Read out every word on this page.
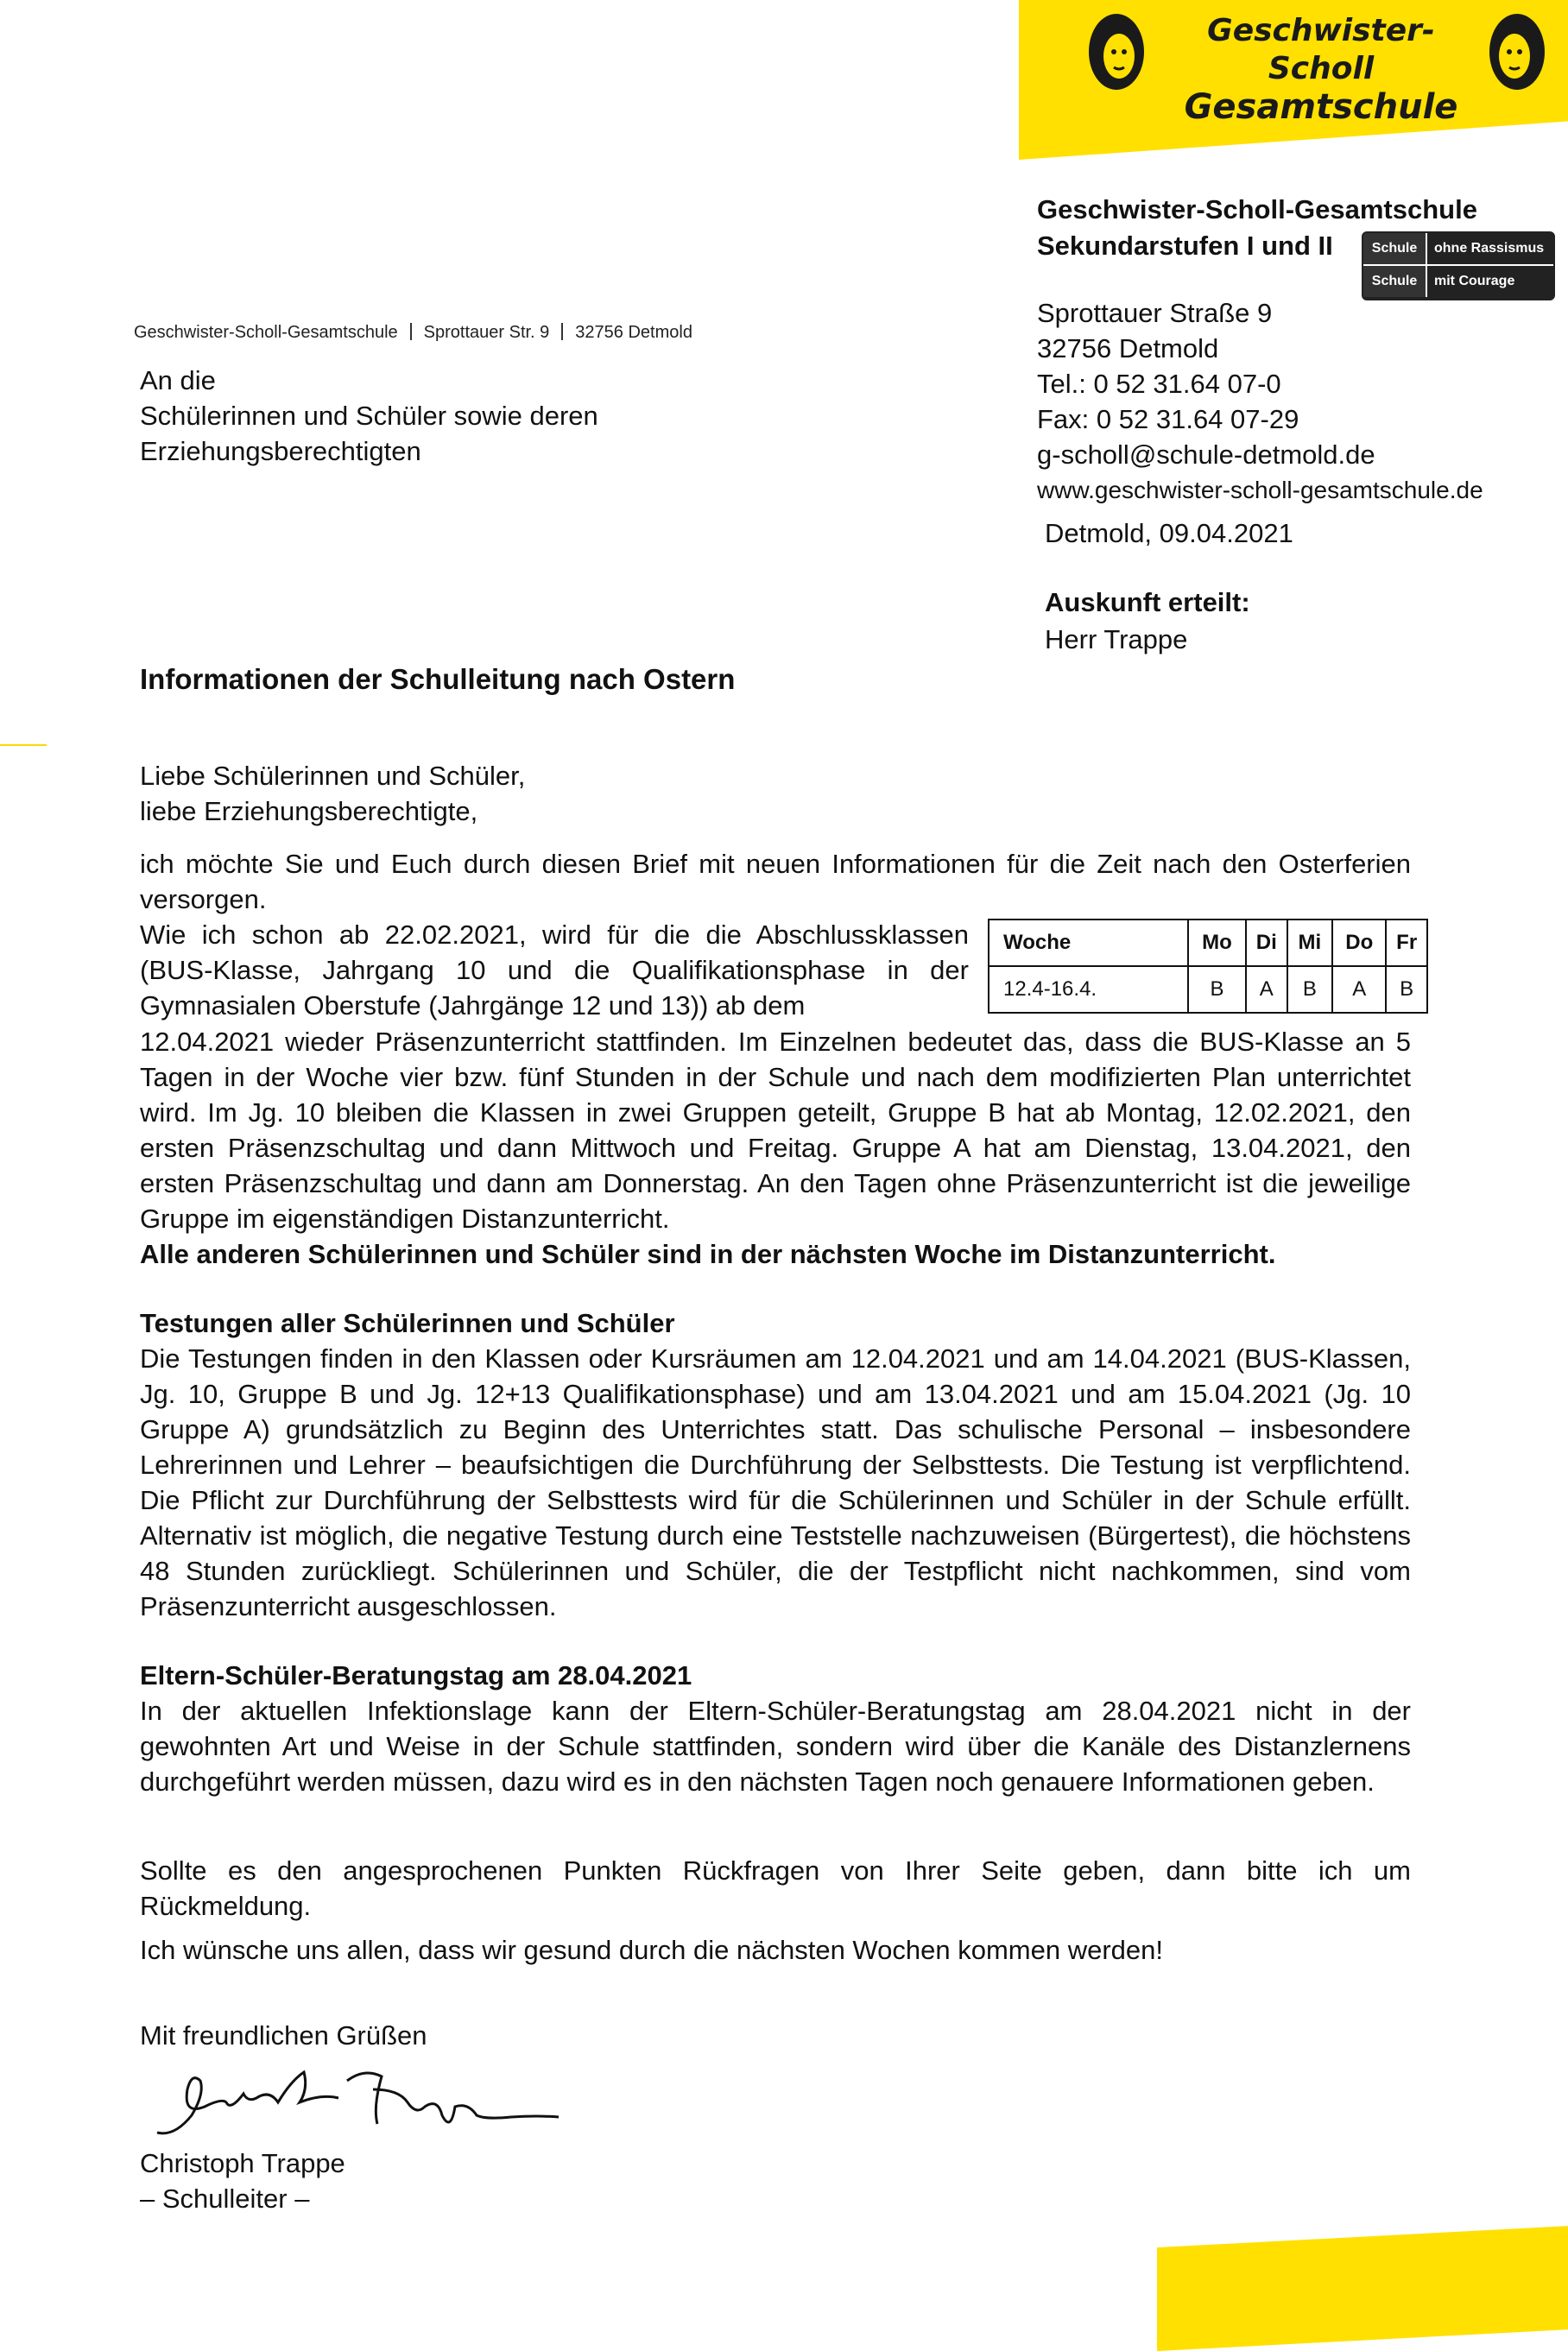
Geschwister-Scholl
Gesamtschule
Geschwister-Scholl-Gesamtschule
Sekundarstufen I und II	Schule	ohne Rassismus
Schule	mit Courage
Sprottauer Straße 9
32756 Detmold
Tel.: 0 52 31.64 07-0
Fax: 0 52 31.64 07-29
g-scholl@schule-detmold.de
www.geschwister-scholl-gesamtschule.de
Detmold, 09.04.2021
Auskunft erteilt:
Herr Trappe
Geschwister-Scholl-Gesamtschule Sprottauer Str. 9 32756 Detmold
An die
Schülerinnen und Schüler sowie deren
Erziehungsberechtigten
Informationen der Schulleitung nach Ostern

Liebe Schülerinnen und Schüler,

liebe Erziehungsberechtigte,

ich möchte Sie und Euch durch diesen Brief mit neuen Informationen für die Zeit nach den Osterferien versorgen.

Wie ich schon ab 22.02.2021, wird für die die Abschlussklassen (BUS-Klasse, Jahrgang 10 und die Qualifikationsphase in der Gymnasialen Oberstufe (Jahrgänge 12 und 13)) ab dem

Woche	Mo	Di	Mi	Do	Fr
12.4-16.4.	B	A	B	A	B

12.04.2021 wieder Präsenzunterricht stattfinden. Im Einzelnen bedeutet das, dass die BUS-Klasse an 5 Tagen in der Woche vier bzw. fünf Stunden in der Schule und nach dem modifizierten Plan unterrichtet wird. Im Jg. 10 bleiben die Klassen in zwei Gruppen geteilt, Gruppe B hat ab Montag, 12.02.2021, den ersten Präsenzschultag und dann Mittwoch und Freitag. Gruppe A hat am Dienstag, 13.04.2021, den ersten Präsenzschultag und dann am Donnerstag. An den Tagen ohne Präsenzunterricht ist die jeweilige Gruppe im eigenständigen Distanzunterricht.

Alle anderen Schülerinnen und Schüler sind in der nächsten Woche im Distanzunterricht.

Testungen aller Schülerinnen und Schüler

Die Testungen finden in den Klassen oder Kursräumen am 12.04.2021 und am 14.04.2021 (BUS-Klassen, Jg. 10, Gruppe B und Jg. 12+13 Qualifikationsphase) und am 13.04.2021 und am 15.04.2021 (Jg. 10 Gruppe A) grundsätzlich zu Beginn des Unterrichtes statt. Das schulische Personal – insbesondere Lehrerinnen und Lehrer – beaufsichtigen die Durchführung der Selbsttests. Die Testung ist verpflichtend. Die Pflicht zur Durchführung der Selbsttests wird für die Schülerinnen und Schüler in der Schule erfüllt. Alternativ ist möglich, die negative Testung durch eine Teststelle nachzuweisen (Bürgertest), die höchstens 48 Stunden zurückliegt. Schülerinnen und Schüler, die der Testpflicht nicht nachkommen, sind vom Präsenzunterricht ausgeschlossen.

Eltern-Schüler-Beratungstag am 28.04.2021

In der aktuellen Infektionslage kann der Eltern-Schüler-Beratungstag am 28.04.2021 nicht in der gewohnten Art und Weise in der Schule stattfinden, sondern wird über die Kanäle des Distanzlernens durchgeführt werden müssen, dazu wird es in den nächsten Tagen noch genauere Informationen geben.

Sollte es den angesprochenen Punkten Rückfragen von Ihrer Seite geben, dann bitte ich um Rückmeldung.

Ich wünsche uns allen, dass wir gesund durch die nächsten Wochen kommen werden!

Mit freundlichen Grüßen
Christoph Trappe
– Schulleiter –
